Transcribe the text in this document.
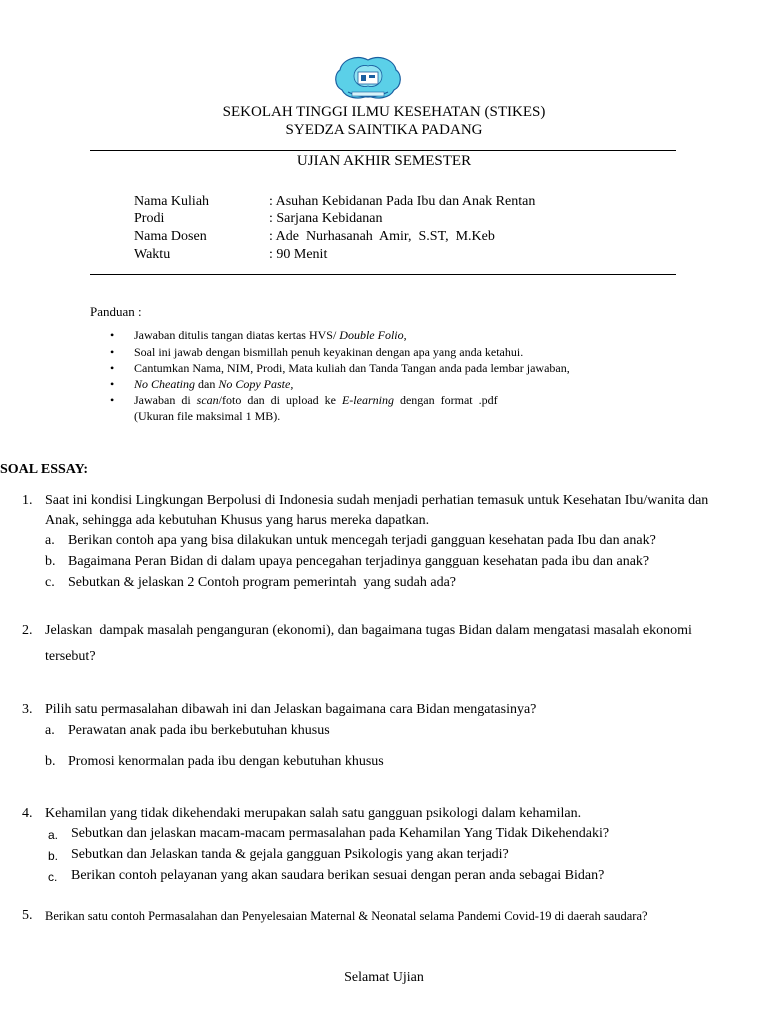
SEKOLAH TINGGI ILMU KESEHATAN (STIKES)
SYEDZA SAINTIKA PADANG
UJIAN AKHIR SEMESTER
Nama Kuliah	: Asuhan Kebidanan Pada Ibu dan Anak Rentan
Prodi	: Sarjana Kebidanan
Nama Dosen	: Ade  Nurhasanah  Amir,  S.ST,  M.Keb
Waktu	: 90 Menit
Panduan :
• Jawaban ditulis tangan diatas kertas HVS/ Double Folio,
• Soal ini jawab dengan bismillah penuh keyakinan dengan apa yang anda ketahui.
• Cantumkan Nama, NIM, Prodi, Mata kuliah dan Tanda Tangan anda pada lembar jawaban,
• No Cheating dan No Copy Paste,
• Jawaban  di  scan/foto  dan  di  upload  ke  E-learning  dengan  format  .pdf
(Ukuran file maksimal 1 MB).
SOAL ESSAY:
1. Saat ini kondisi Lingkungan Berpolusi di Indonesia sudah menjadi perhatian temasuk untuk Kesehatan Ibu/wanita dan
Anak, sehingga ada kebutuhan Khusus yang harus mereka dapatkan.
a. Berikan contoh apa yang bisa dilakukan untuk mencegah terjadi gangguan kesehatan pada Ibu dan anak?
b. Bagaimana Peran Bidan di dalam upaya pencegahan terjadinya gangguan kesehatan pada ibu dan anak?
c. Sebutkan & jelaskan 2 Contoh program pemerintah  yang sudah ada?
2. Jelaskan  dampak masalah penganguran (ekonomi), dan bagaimana tugas Bidan dalam mengatasi masalah ekonomi
tersebut?
3. Pilih satu permasalahan dibawah ini dan Jelaskan bagaimana cara Bidan mengatasinya?
a. Perawatan anak pada ibu berkebutuhan khusus
b. Promosi kenormalan pada ibu dengan kebutuhan khusus
4. Kehamilan yang tidak dikehendaki merupakan salah satu gangguan psikologi dalam kehamilan.
a. Sebutkan dan jelaskan macam-macam permasalahan pada Kehamilan Yang Tidak Dikehendaki?
b. Sebutkan dan Jelaskan tanda & gejala gangguan Psikologis yang akan terjadi?
c. Berikan contoh pelayanan yang akan saudara berikan sesuai dengan peran anda sebagai Bidan?
5. Berikan satu contoh Permasalahan dan Penyelesaian Maternal & Neonatal selama Pandemi Covid-19 di daerah saudara?
Selamat Ujian
